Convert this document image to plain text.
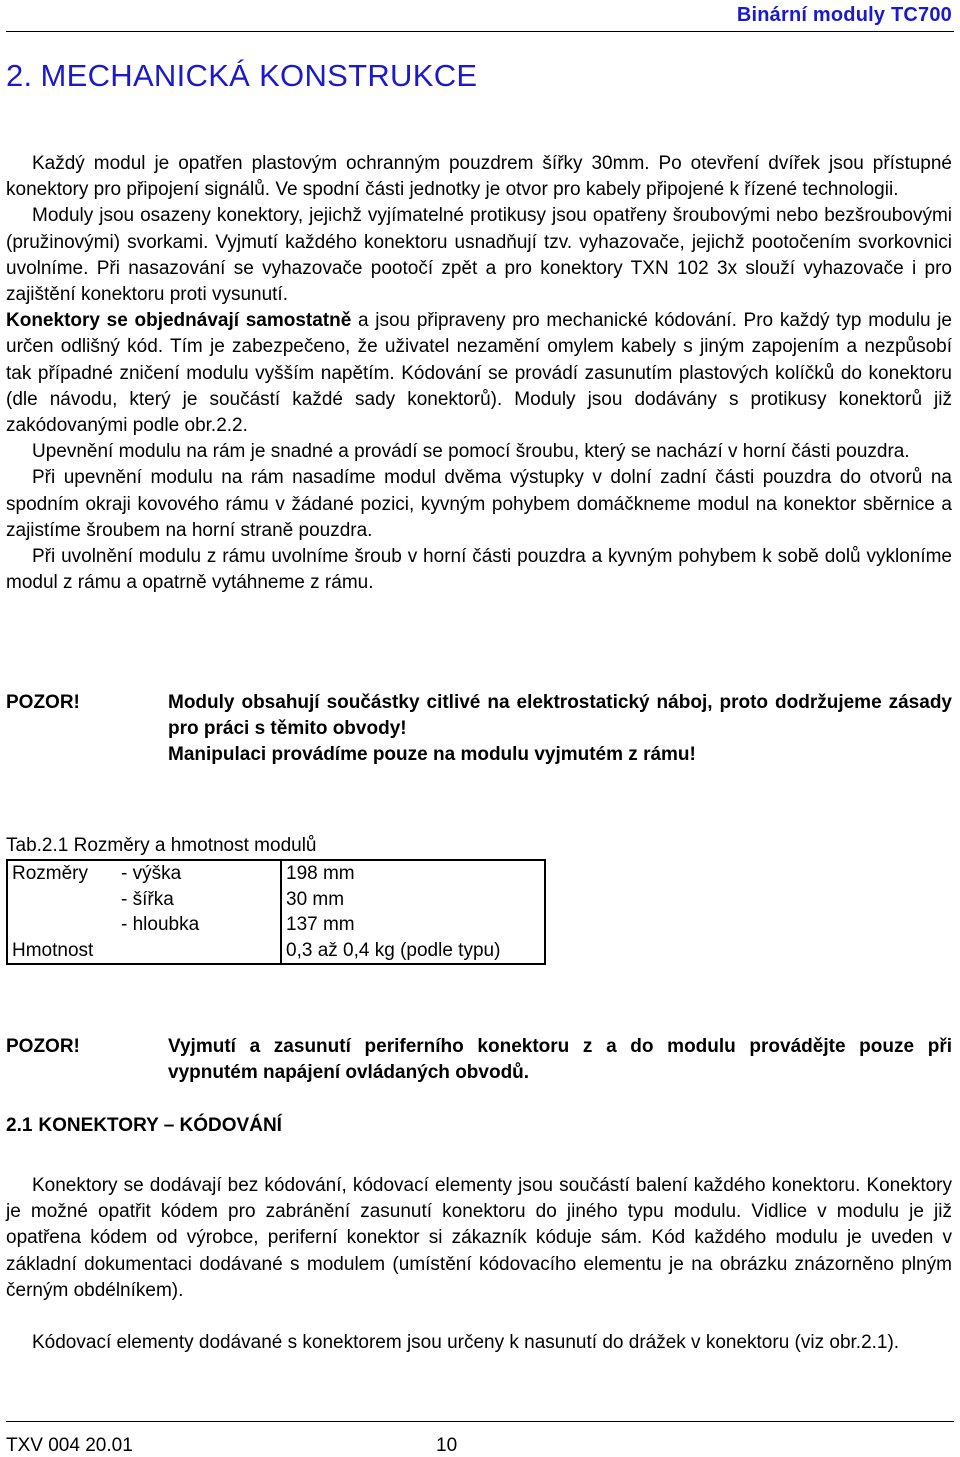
Binární moduly TC700
2. MECHANICKÁ KONSTRUKCE

Každý modul je opatřen plastovým ochranným pouzdrem šířky 30mm. Po otevření dvířek jsou přístupné konektory pro připojení signálů. Ve spodní části jednotky je otvor pro kabely připojené k řízené technologii.

Moduly jsou osazeny konektory, jejichž vyjímatelné protikusy jsou opatřeny šroubovými nebo bezšroubovými (pružinovými) svorkami. Vyjmutí každého konektoru usnadňují tzv. vyhazovače, jejichž pootočením svorkovnici uvolníme. Při nasazování se vyhazovače pootočí zpět a pro konektory TXN 102 3x slouží vyhazovače i pro zajištění konektoru proti vysunutí.

Konektory se objednávají samostatně a jsou připraveny pro mechanické kódování. Pro každý typ modulu je určen odlišný kód. Tím je zabezpečeno, že uživatel nezamění omylem kabely s jiným zapojením a nezpůsobí tak případné zničení modulu vyšším napětím. Kódování se provádí zasunutím plastových kolíčků do konektoru (dle návodu, který je součástí každé sady konektorů). Moduly jsou dodávány s protikusy konektorů již zakódovanými podle obr.2.2.

Upevnění modulu na rám je snadné a provádí se pomocí šroubu, který se nachází v horní části pouzdra.

Při upevnění modulu na rám nasadíme modul dvěma výstupky v dolní zadní části pouzdra do otvorů na spodním okraji kovového rámu v žádané pozici, kyvným pohybem domáčkneme modul na konektor sběrnice a zajistíme šroubem na horní straně pouzdra.

Při uvolnění modulu z rámu uvolníme šroub v horní části pouzdra a kyvným pohybem k sobě dolů vykloníme modul z rámu a opatrně vytáhneme z rámu.

POZOR!	Moduly obsahují součástky citlivé na elektrostatický náboj, proto dodržujeme zásady pro práci s těmito obvody!
Manipulaci provádíme pouze na modulu vyjmutém z rámu!
Tab.2.1 Rozměry a hmotnost modulů
Rozměry	- výška	198 mm
	- šířka	30 mm
	- hloubka	137 mm
Hmotnost		0,3 až 0,4 kg (podle typu)
POZOR!	Vyjmutí a zasunutí periferního konektoru z a do modulu provádějte pouze při vypnutém napájení ovládaných obvodů.
2.1 KONEKTORY – KÓDOVÁNÍ

Konektory se dodávají bez kódování, kódovací elementy jsou součástí balení každého konektoru. Konektory je možné opatřit kódem pro zabránění zasunutí konektoru do jiného typu modulu. Vidlice v modulu je již opatřena kódem od výrobce, periferní konektor si zákazník kóduje sám. Kód každého modulu je uveden v základní dokumentaci dodávané s modulem (umístění kódovacího elementu je na obrázku znázorněno plným černým obdélníkem).

Kódovací elementy dodávané s konektorem jsou určeny k nasunutí do drážek v konektoru (viz obr.2.1).

TXV 004 20.01	10
